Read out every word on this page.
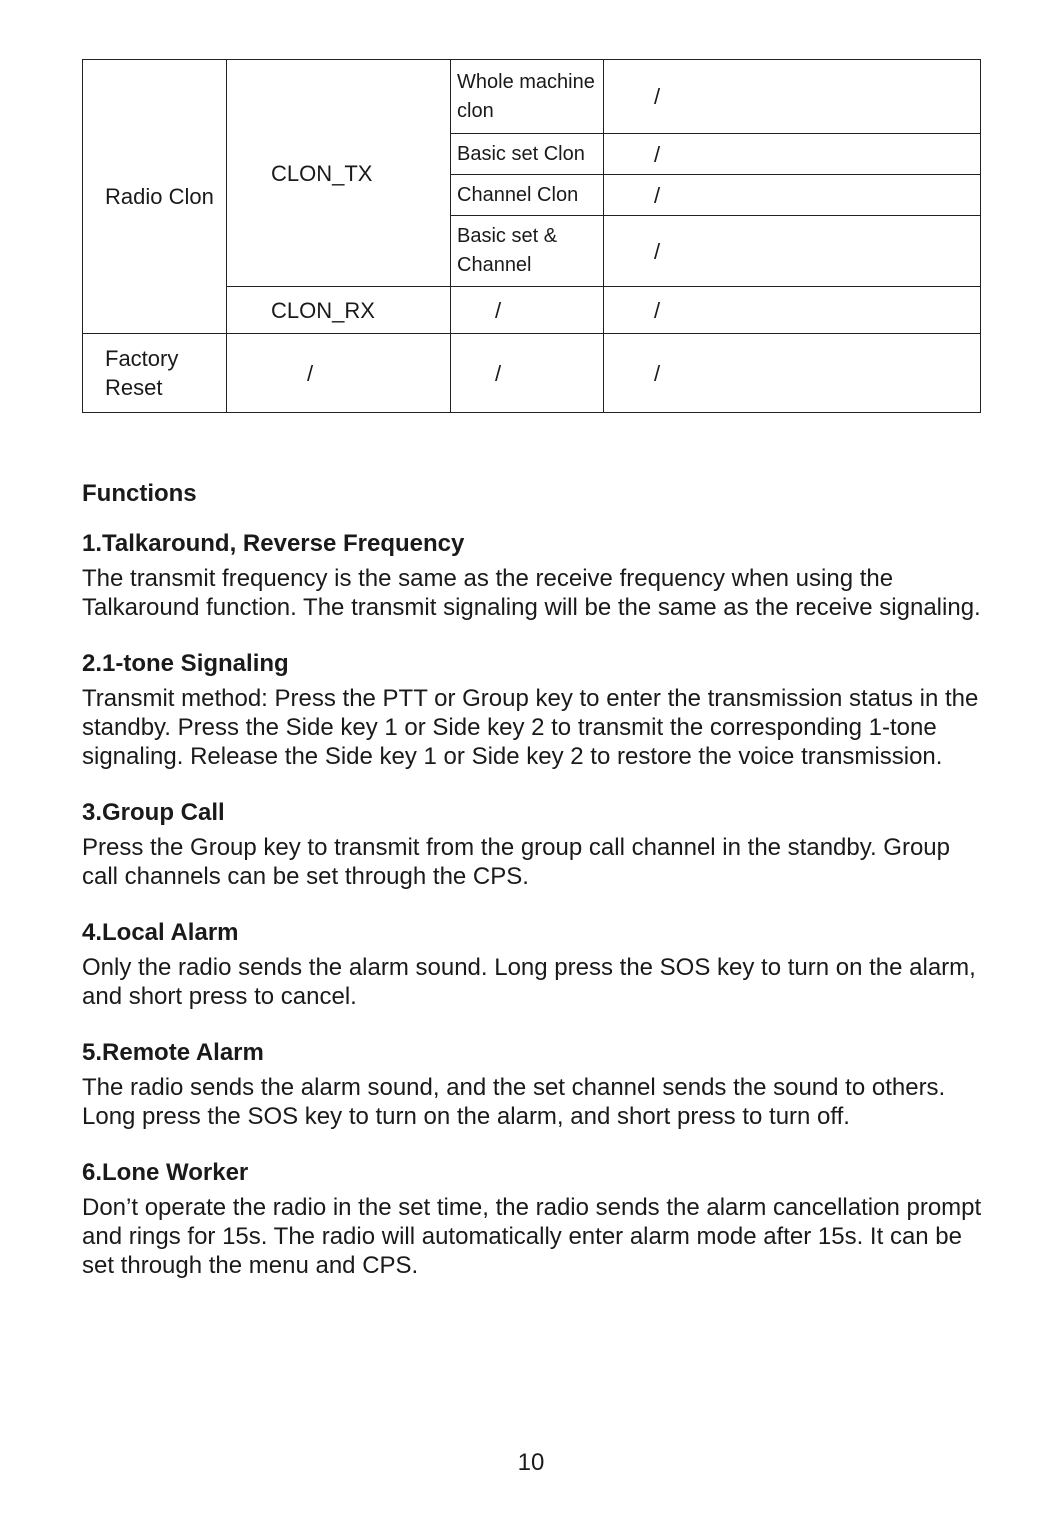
Radio Clon	CLON_TX	Whole machine clon	/
		Basic set Clon	/
		Channel Clon	/
		Basic set & Channel	/
	CLON_RX	/	/
Factory Reset	/	/	/
Functions
1.Talkaround, Reverse Frequency

The transmit frequency is the same as the receive frequency when using the Talkaround function. The transmit signaling will be the same as the receive signaling.

2.1-tone Signaling

Transmit method: Press the PTT or Group key to enter the transmission status in the standby. Press the Side key 1 or Side key 2 to transmit the corresponding 1-tone signaling. Release the Side key 1 or Side key 2 to restore the voice transmission.

3.Group Call

Press the Group key to transmit from the group call channel in the standby. Group call channels can be set through the CPS.

4.Local Alarm

Only the radio sends the alarm sound. Long press the SOS key to turn on the alarm, and short press to cancel.

5.Remote Alarm

The radio sends the alarm sound, and the set channel sends the sound to others. Long press the SOS key to turn on the alarm, and short press to turn off.

6.Lone Worker

Don’t operate the radio in the set time, the radio sends the alarm cancellation prompt and rings for 15s. The radio will automatically enter alarm mode after 15s. It can be set through the menu and CPS.

10
